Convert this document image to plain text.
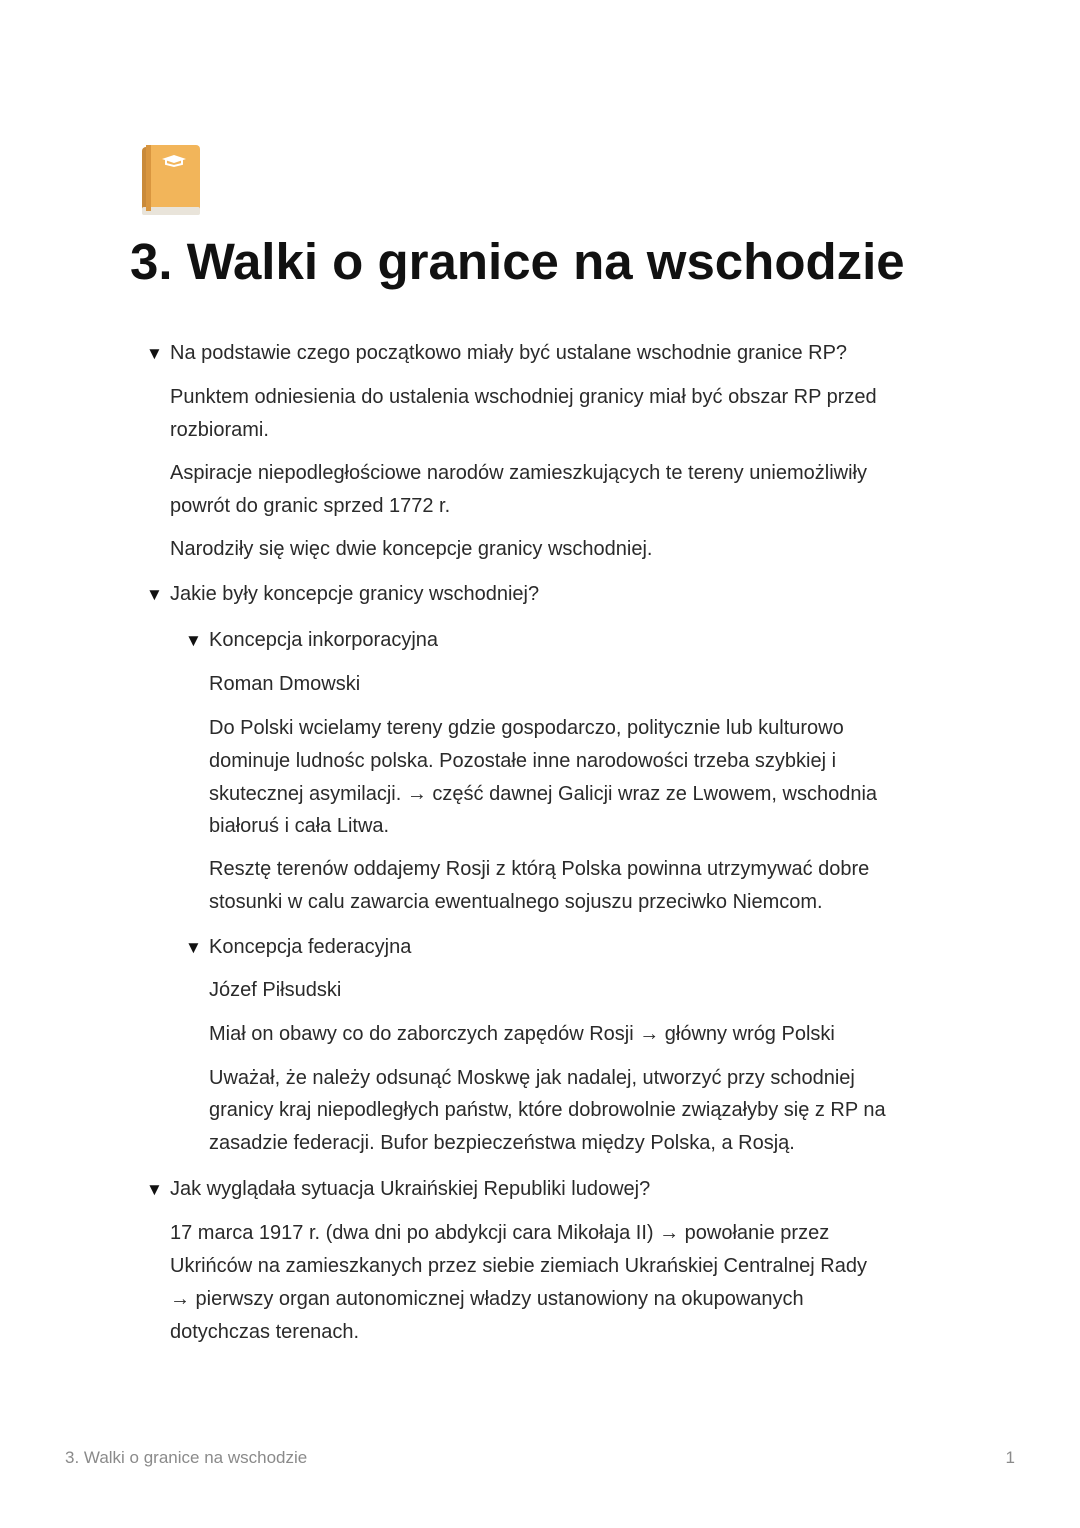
3. Walki o granice na wschodzie
▼ Na podstawie czego początkowo miały być ustalane wschodnie granice RP?
Punktem odniesienia do ustalenia wschodniej granicy miał być obszar RP przed
rozbiorami.
Aspiracje niepodległościowe narodów zamieszkujących te tereny uniemożliwiły
powrót do granic sprzed 1772 r.
Narodziły się więc dwie koncepcje granicy wschodniej.
▼ Jakie były koncepcje granicy wschodniej?
▼ Koncepcja inkorporacyjna
Roman Dmowski
Do Polski wcielamy tereny gdzie gospodarczo, politycznie lub kulturowo
dominuje ludnośc polska. Pozostałe inne narodowości trzeba szybkiej i
skutecznej asymilacji. → część dawnej Galicji wraz ze Lwowem, wschodnia
białoruś i cała Litwa.
Resztę terenów oddajemy Rosji z którą Polska powinna utrzymywać dobre
stosunki w calu zawarcia ewentualnego sojuszu przeciwko Niemcom.
▼ Koncepcja federacyjna
Józef Piłsudski
Miał on obawy co do zaborczych zapędów Rosji → główny wróg Polski
Uważał, że należy odsunąć Moskwę jak nadalej, utworzyć przy schodniej
granicy kraj niepodległych państw, które dobrowolnie związałyby się z RP na
zasadzie federacji. Bufor bezpieczeństwa między Polska, a Rosją.
▼ Jak wyglądała sytuacja Ukraińskiej Republiki ludowej?
17 marca 1917 r. (dwa dni po abdykcji cara Mikołaja II) → powołanie przez
Ukrińców na zamieszkanych przez siebie ziemiach Ukrańskiej Centralnej Rady
→ pierwszy organ autonomicznej władzy ustanowiony na okupowanych
dotychczas terenach.
3. Walki o granice na wschodzie	1
